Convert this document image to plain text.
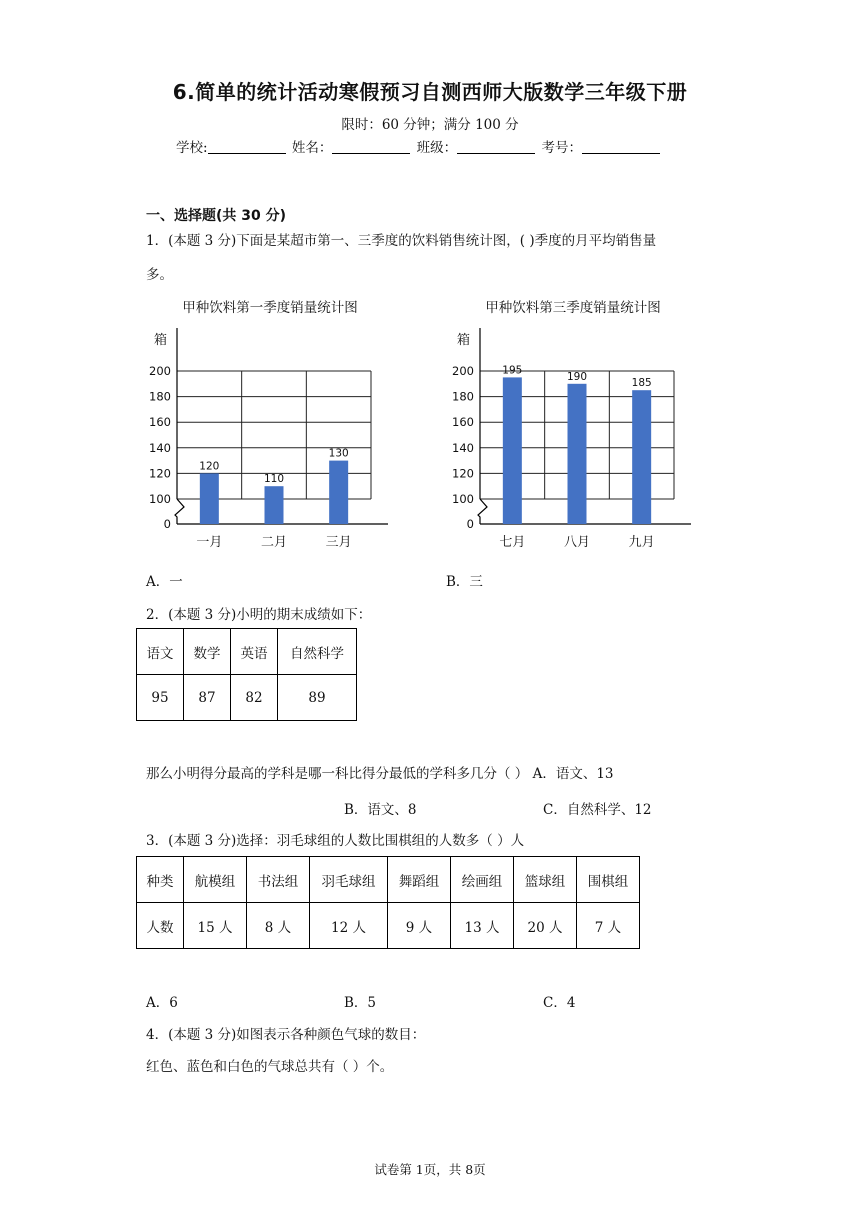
6.简单的统计活动寒假预习自测西师大版数学三年级下册
限时：60 分钟；满分 100 分
学校:	姓名：	班级：	考号：
一、选择题(共 30 分)
1．(本题 3 分)下面是某超市第一、三季度的饮料销售统计图，( )季度的月平均销售量
多。
甲种饮料第一季度销量统计图
箱
0
100
120
140
160
180
200
120
一月
110
二月
130
三月
甲种饮料第三季度销量统计图
箱
0
100
120
140
160
180
200	195
七月
190
八月
185
九月
A．一	B．三
2．(本题 3 分)小明的期末成绩如下：
语文	数学	英语	自然科学
95	87	82	89
那么小明得分最高的学科是哪一科比得分最低的学科多几分（ ） A．语文、13
B．语文、8	C．自然科学、12
3．(本题 3 分)选择：羽毛球组的人数比围棋组的人数多（ ）人
种类	航模组	书法组	羽毛球组	舞蹈组	绘画组	篮球组	围棋组
人数	15 人	8 人	12 人	9 人	13 人	20 人	7 人
A．6	B．5	C．4
4．(本题 3 分)如图表示各种颜色气球的数目：
红色、蓝色和白色的气球总共有（ ）个。
试卷第 1页，共 8页
